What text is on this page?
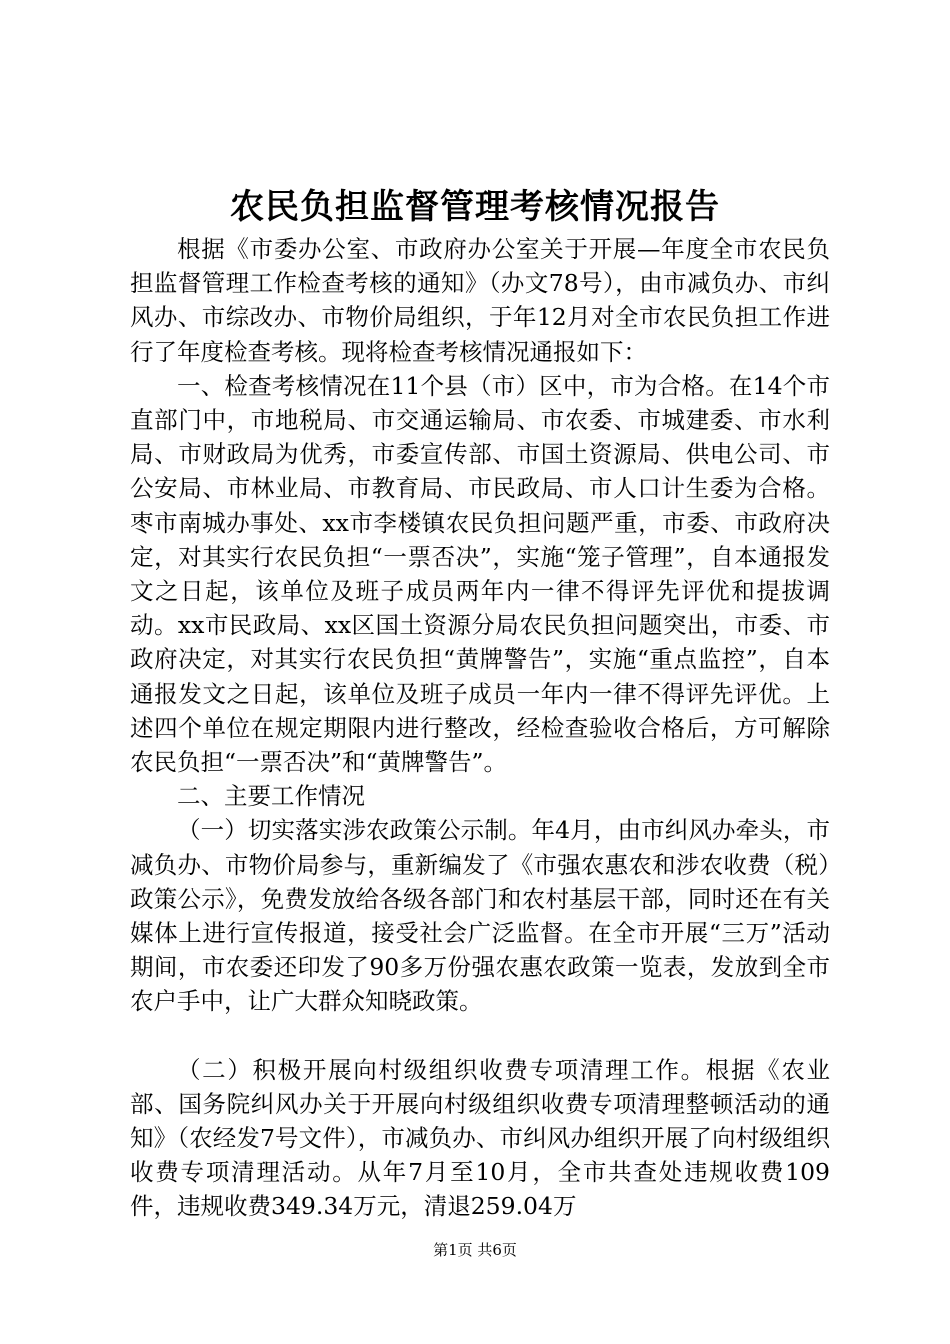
农民负担监督管理考核情况报告

根据《市委办公室、市政府办公室关于开展—年度全市农民负担监督管理工作检查考核的通知》（办文78号），由市减负办、市纠风办、市综改办、市物价局组织，于年12月对全市农民负担工作进行了年度检查考核。现将检查考核情况通报如下：

一、检查考核情况在11个县（市）区中，市为合格。在14个市直部门中，市地税局、市交通运输局、市农委、市城建委、市水利局、市财政局为优秀，市委宣传部、市国土资源局、供电公司、市公安局、市林业局、市教育局、市民政局、市人口计生委为合格。枣市南城办事处、xx市李楼镇农民负担问题严重，市委、市政府决定，对其实行农民负担“一票否决”，实施“笼子管理”，自本通报发文之日起，该单位及班子成员两年内一律不得评先评优和提拔调动。xx市民政局、xx区国土资源分局农民负担问题突出，市委、市政府决定，对其实行农民负担“黄牌警告”，实施“重点监控”，自本通报发文之日起，该单位及班子成员一年内一律不得评先评优。上述四个单位在规定期限内进行整改，经检查验收合格后，方可解除农民负担“一票否决”和“黄牌警告”。

二、主要工作情况

（一）切实落实涉农政策公示制。年4月，由市纠风办牵头，市减负办、市物价局参与，重新编发了《市强农惠农和涉农收费（税）政策公示》，免费发放给各级各部门和农村基层干部，同时还在有关媒体上进行宣传报道，接受社会广泛监督。在全市开展“三万”活动期间，市农委还印发了90多万份强农惠农政策一览表，发放到全市农户手中，让广大群众知晓政策。

（二）积极开展向村级组织收费专项清理工作。根据《农业部、国务院纠风办关于开展向村级组织收费专项清理整顿活动的通知》（农经发7号文件），市减负办、市纠风办组织开展了向村级组织收费专项清理活动。从年7月至10月，全市共查处违规收费109件，违规收费349.34万元，清退259.04万

第1页 共6页
